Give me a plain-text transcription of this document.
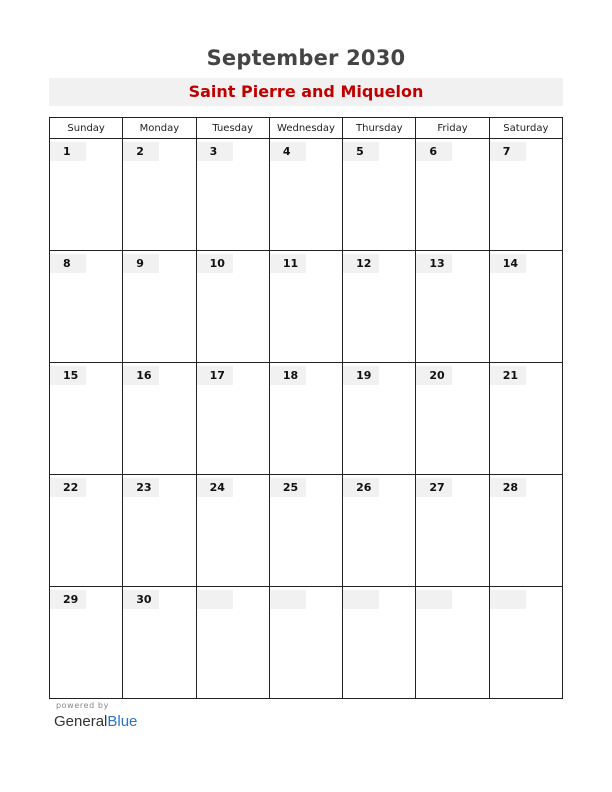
September 2030
Saint Pierre and Miquelon
Sunday	Monday	Tuesday	Wednesday	Thursday	Friday	Saturday

1	2	3	4	5	6	7

8	9	10	11	12	13	14

15	16	17	18	19	20	21

22	23	24	25	26	27	28

29	30					

powered by
GeneralBlue
